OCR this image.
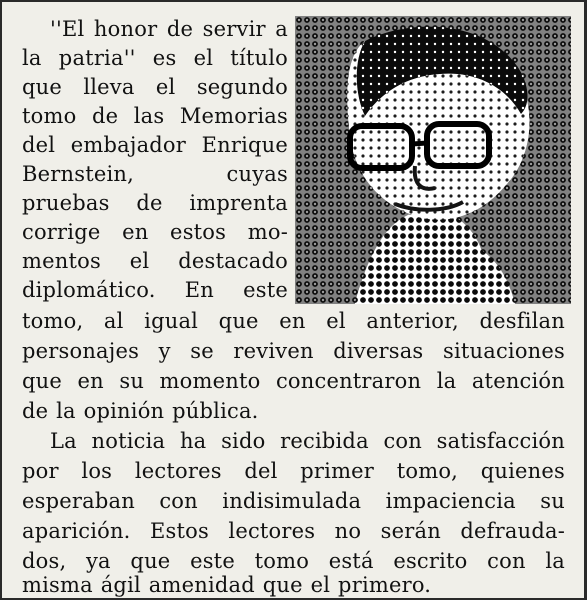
''El honor de servir a
la patria'' es el título
que lleva el segundo
tomo de las Memorias
del embajador Enrique
Bernstein, cuyas
pruebas de imprenta
corrige en estos mo-
mentos el destacado
diplomático. En este
tomo, al igual que en el anterior, desfilan
personajes y se reviven diversas situaciones
que en su momento concentraron la atención
de la opinión pública.
La noticia ha sido recibida con satisfacción
por los lectores del primer tomo, quienes
esperaban con indisimulada impaciencia su
aparición. Estos lectores no serán defrauda-
dos, ya que este tomo está escrito con la
misma ágil amenidad que el primero.
